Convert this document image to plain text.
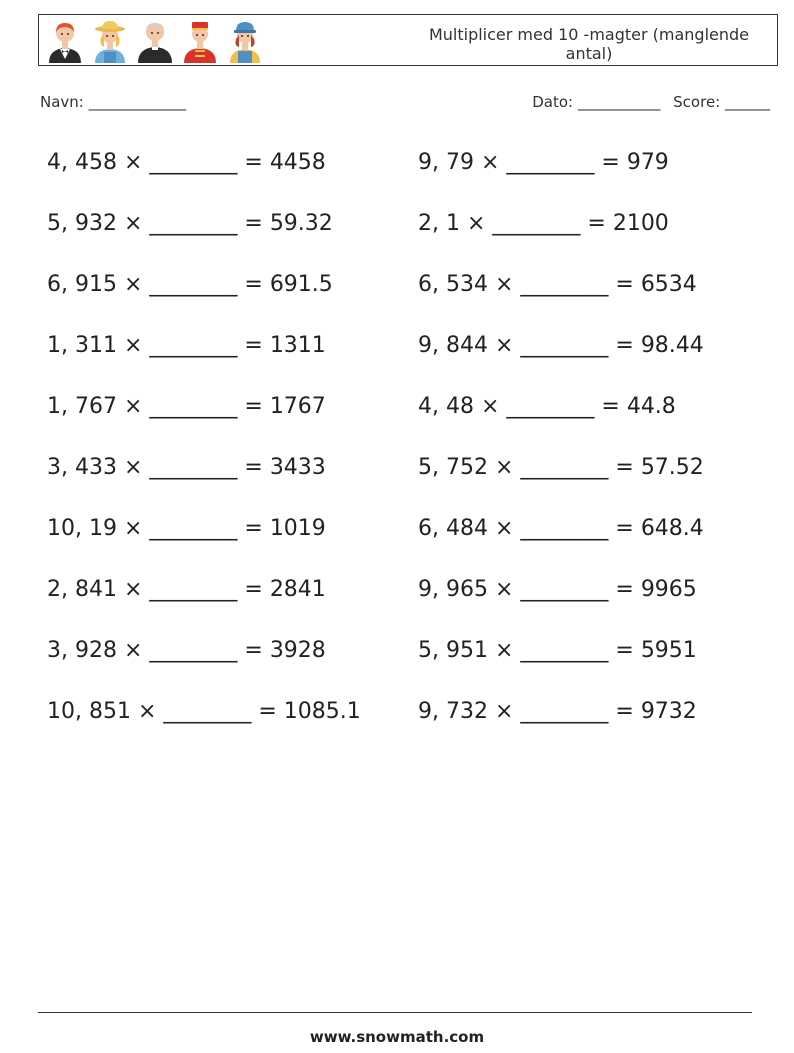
Multiplicer med 10 -magter (manglende antal)
Navn: _____________	Dato: ___________ Score: ______
4, 458 × ________ = 4458	9, 79 × ________ = 979
5, 932 × ________ = 59.32	2, 1 × ________ = 2100
6, 915 × ________ = 691.5	6, 534 × ________ = 6534
1, 311 × ________ = 1311	9, 844 × ________ = 98.44
1, 767 × ________ = 1767	4, 48 × ________ = 44.8
3, 433 × ________ = 3433	5, 752 × ________ = 57.52
10, 19 × ________ = 1019	6, 484 × ________ = 648.4
2, 841 × ________ = 2841	9, 965 × ________ = 9965
3, 928 × ________ = 3928	5, 951 × ________ = 5951
10, 851 × ________ = 1085.1	9, 732 × ________ = 9732
www.snowmath.com
